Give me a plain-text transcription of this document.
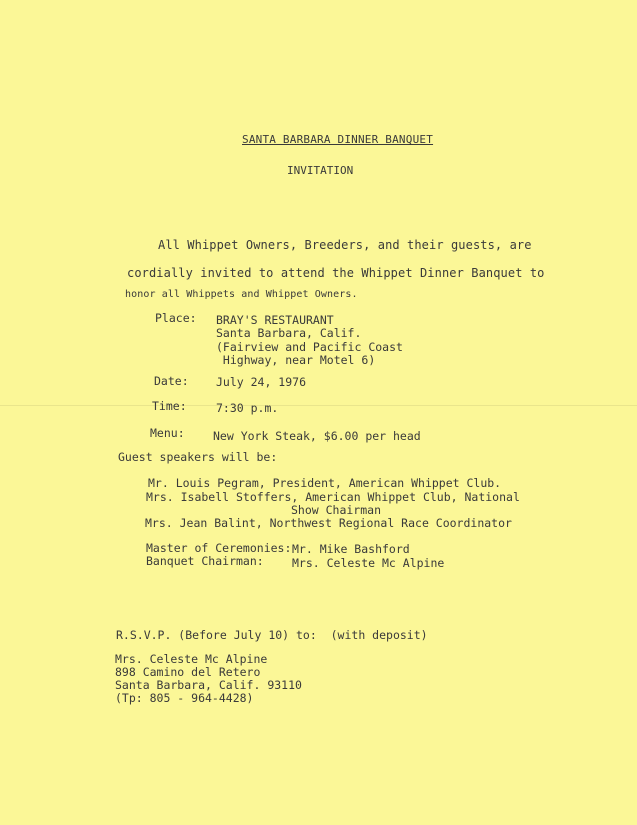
SANTA BARBARA DINNER BANQUET
INVITATION
All Whippet Owners, Breeders, and their guests, are
cordially invited to attend the Whippet Dinner Banquet to
honor all Whippets and Whippet Owners.
Place: BRAY'S RESTAURANT
Santa Barbara, Calif.
(Fairview and Pacific Coast
Highway, near Motel 6)
Date: July 24, 1976
Time:	7:30 p.m.
Menu: New York Steak, $6.00 per head
Guest speakers will be:
Mr. Louis Pegram, President, American Whippet Club.
Mrs. Isabell Stoffers, American Whippet Club, National
Show Chairman
Mrs. Jean Balint, Northwest Regional Race Coordinator
Master of Ceremonies: Mr. Mike Bashford
Banquet Chairman: Mrs. Celeste Mc Alpine
R.S.V.P. (Before July 10) to:  (with deposit)
Mrs. Celeste Mc Alpine
898 Camino del Retero
Santa Barbara, Calif. 93110
(Tp: 805 - 964-4428)
